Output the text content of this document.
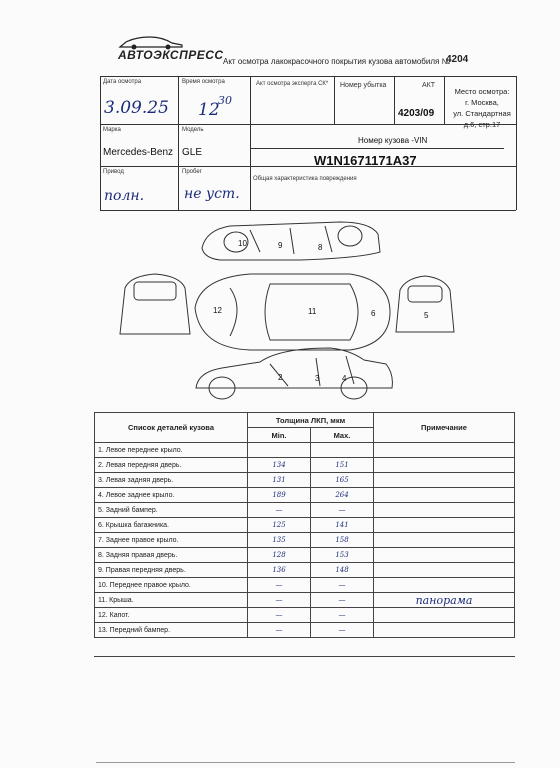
АВТОЭКСПРЕСС Акт осмотра лакокрасочного покрытия кузова автомобиля №
4204
Дата осмотра
3.09.25
Время осмотра
12
30
Акт осмотра эксперта СК* Номер убытка	АКТ
4203/09
Место осмотра:
г. Москва,
ул. Стандартная
д.6, стр.17
Марка
Mercedes-Benz
Модель
GLE
Номер кузова -VIN
W1N1671171A37
Привод
полн.
Пробег
не уст.
Общая характеристика повреждения
10	9	8
12	11	6	5
2	3	4
Список деталей кузова	Толщина ЛКП, мкм		Примечание
	Min.	Max.	
1. Левое переднее крыло.			
2. Левая передняя дверь.	134	151	
3. Левая задняя дверь.	131	165	
4. Левое заднее крыло.	189	264	
5. Задний бампер.	—	—	
6. Крышка багажника.	125	141	
7. Заднее правое крыло.	135	158	
8. Задняя правая дверь.	128	153	
9. Правая передняя дверь.	136	148	
10. Переднее правое крыло.	—	—	
11. Крыша.	—	—	панорама
12. Капот.	—	—	
13. Передний бампер.	—	—	
